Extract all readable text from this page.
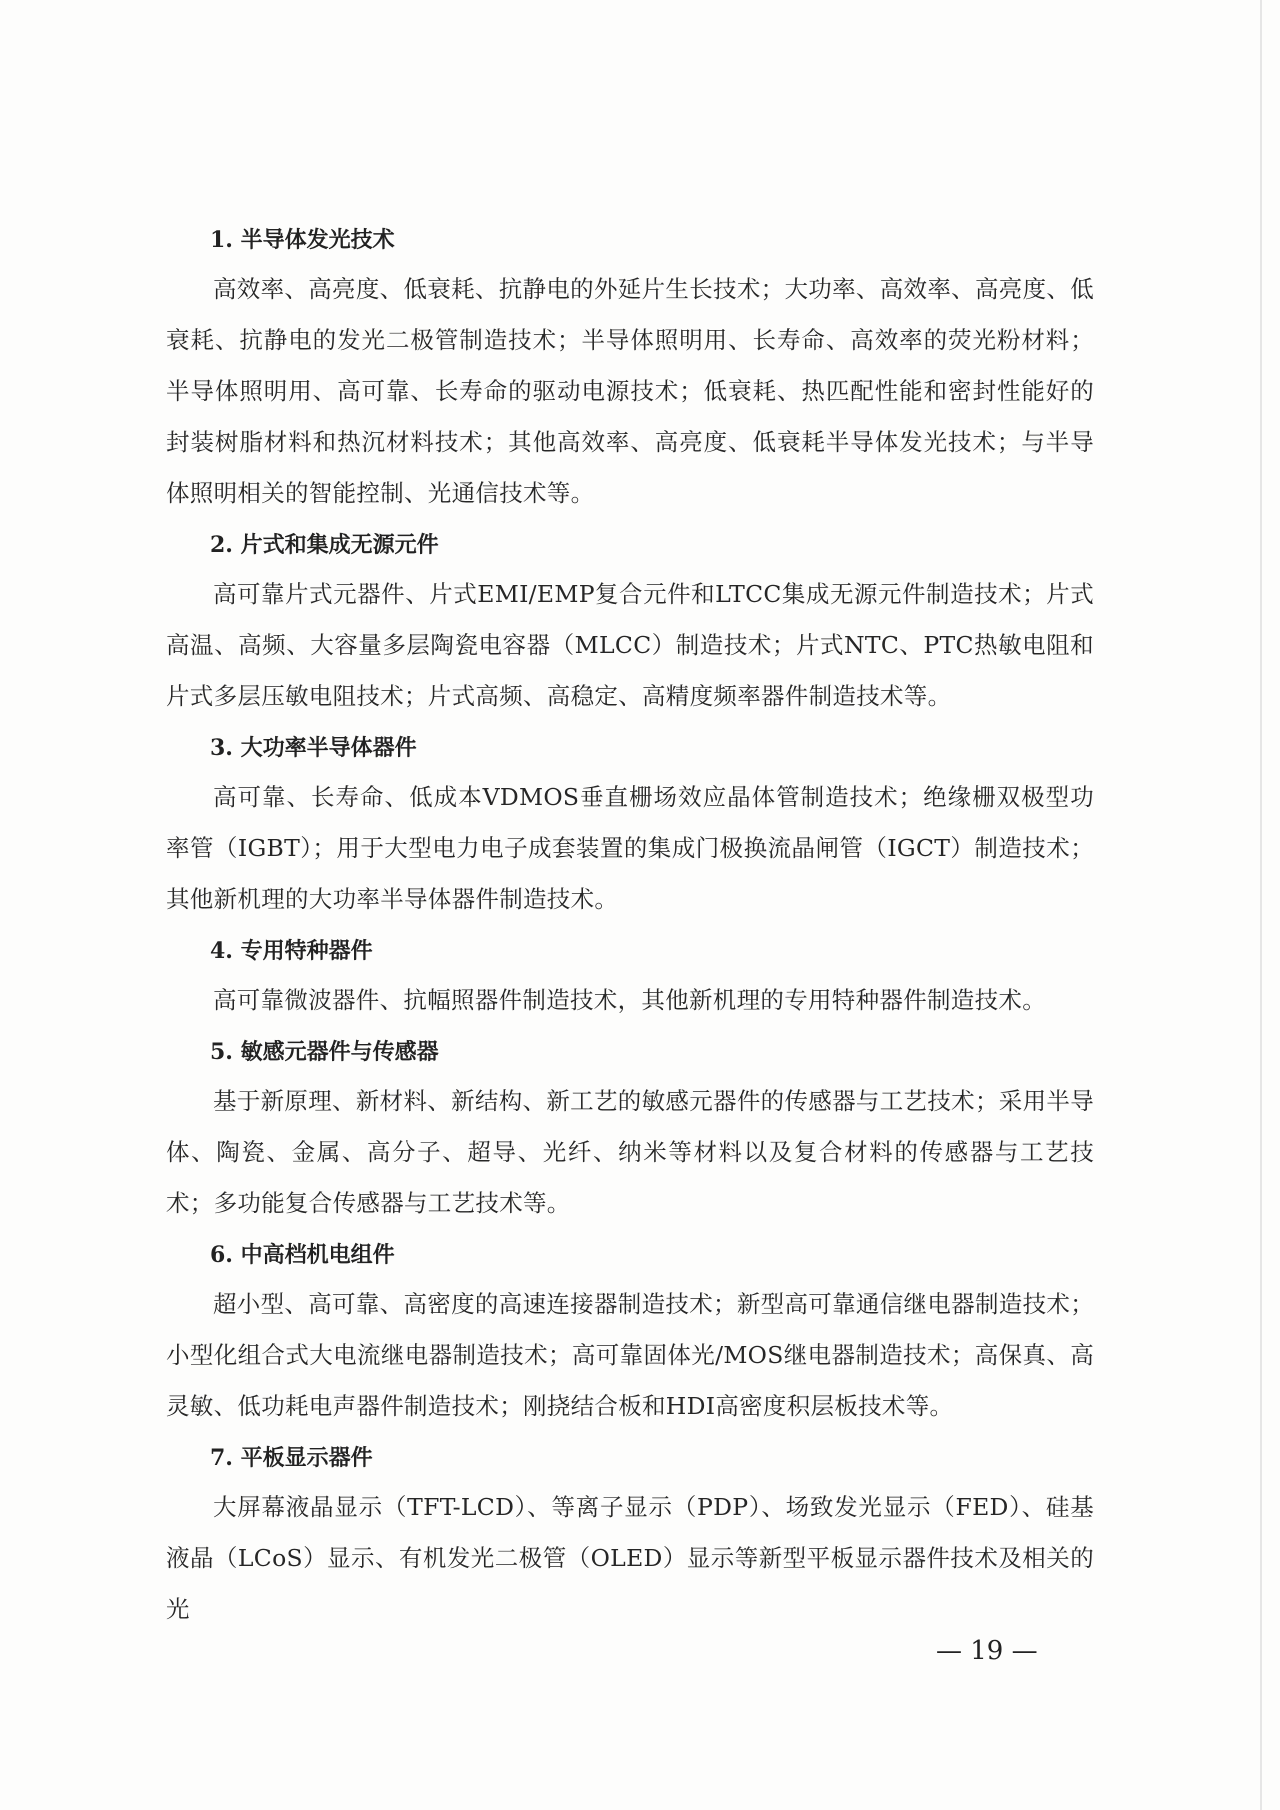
1. 半导体发光技术

高效率、高亮度、低衰耗、抗静电的外延片生长技术；大功率、高效率、高亮度、低衰耗、抗静电的发光二极管制造技术；半导体照明用、长寿命、高效率的荧光粉材料；半导体照明用、高可靠、长寿命的驱动电源技术；低衰耗、热匹配性能和密封性能好的封装树脂材料和热沉材料技术；其他高效率、高亮度、低衰耗半导体发光技术；与半导体照明相关的智能控制、光通信技术等。

2. 片式和集成无源元件

高可靠片式元器件、片式EMI/EMP复合元件和LTCC集成无源元件制造技术；片式高温、高频、大容量多层陶瓷电容器（MLCC）制造技术；片式NTC、PTC热敏电阻和片式多层压敏电阻技术；片式高频、高稳定、高精度频率器件制造技术等。

3. 大功率半导体器件

高可靠、长寿命、低成本VDMOS垂直栅场效应晶体管制造技术；绝缘栅双极型功率管（IGBT）；用于大型电力电子成套装置的集成门极换流晶闸管（IGCT）制造技术；其他新机理的大功率半导体器件制造技术。

4. 专用特种器件

高可靠微波器件、抗幅照器件制造技术，其他新机理的专用特种器件制造技术。

5. 敏感元器件与传感器

基于新原理、新材料、新结构、新工艺的敏感元器件的传感器与工艺技术；采用半导体、陶瓷、金属、高分子、超导、光纤、纳米等材料以及复合材料的传感器与工艺技术；多功能复合传感器与工艺技术等。

6. 中高档机电组件

超小型、高可靠、高密度的高速连接器制造技术；新型高可靠通信继电器制造技术；小型化组合式大电流继电器制造技术；高可靠固体光/MOS继电器制造技术；高保真、高灵敏、低功耗电声器件制造技术；刚挠结合板和HDI高密度积层板技术等。

7. 平板显示器件

大屏幕液晶显示（TFT-LCD）、等离子显示（PDP）、场致发光显示（FED）、硅基液晶（LCoS）显示、有机发光二极管（OLED）显示等新型平板显示器件技术及相关的光

— 19 —
